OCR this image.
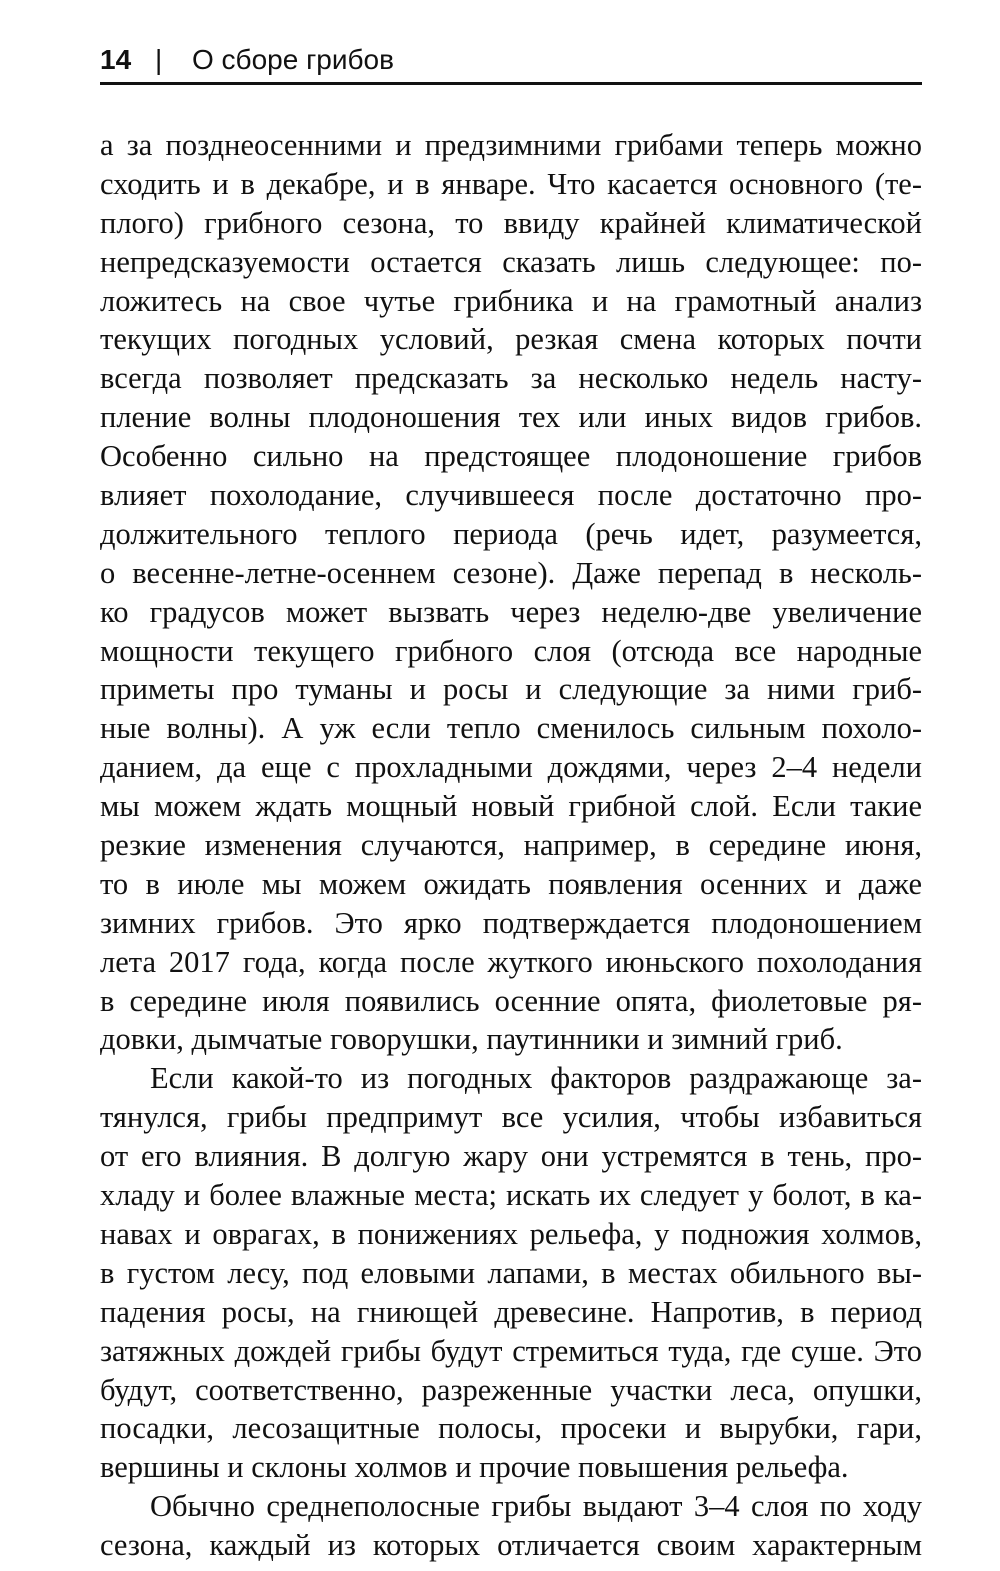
14 | О сборе грибов
а за позднеосенними и предзимними грибами теперь можно
сходить и в декабре, и в январе. Что касается основного (те-
плого) грибного сезона, то ввиду крайней климатической
непредсказуемости остается сказать лишь следующее: по-
ложитесь на свое чутье грибника и на грамотный анализ
текущих погодных условий, резкая смена которых почти
всегда позволяет предсказать за несколько недель насту-
пление волны плодоношения тех или иных видов грибов.
Особенно сильно на предстоящее плодоношение грибов
влияет похолодание, случившееся после достаточно про-
должительного теплого периода (речь идет, разумеется,
о весенне-летне-осеннем сезоне). Даже перепад в несколь-
ко градусов может вызвать через неделю-две увеличение
мощности текущего грибного слоя (отсюда все народные
приметы про туманы и росы и следующие за ними гриб-
ные волны). А уж если тепло сменилось сильным похоло-
данием, да еще с прохладными дождями, через 2–4 недели
мы можем ждать мощный новый грибной слой. Если такие
резкие изменения случаются, например, в середине июня,
то в июле мы можем ожидать появления осенних и даже
зимних грибов. Это ярко подтверждается плодоношением
лета 2017 года, когда после жуткого июньского похолодания
в середине июля появились осенние опята, фиолетовые ря-
довки, дымчатые говорушки, паутинники и зимний гриб.
Если какой-то из погодных факторов раздражающе за-
тянулся, грибы предпримут все усилия, чтобы избавиться
от его влияния. В долгую жару они устремятся в тень, про-
хладу и более влажные места; искать их следует у болот, в ка-
навах и оврагах, в понижениях рельефа, у подножия холмов,
в густом лесу, под еловыми лапами, в местах обильного вы-
падения росы, на гниющей древесине. Напротив, в период
затяжных дождей грибы будут стремиться туда, где суше. Это
будут, соответственно, разреженные участки леса, опушки,
посадки, лесозащитные полосы, просеки и вырубки, гари,
вершины и склоны холмов и прочие повышения рельефа.
Обычно среднеполосные грибы выдают 3–4 слоя по ходу
сезона, каждый из которых отличается своим характерным
